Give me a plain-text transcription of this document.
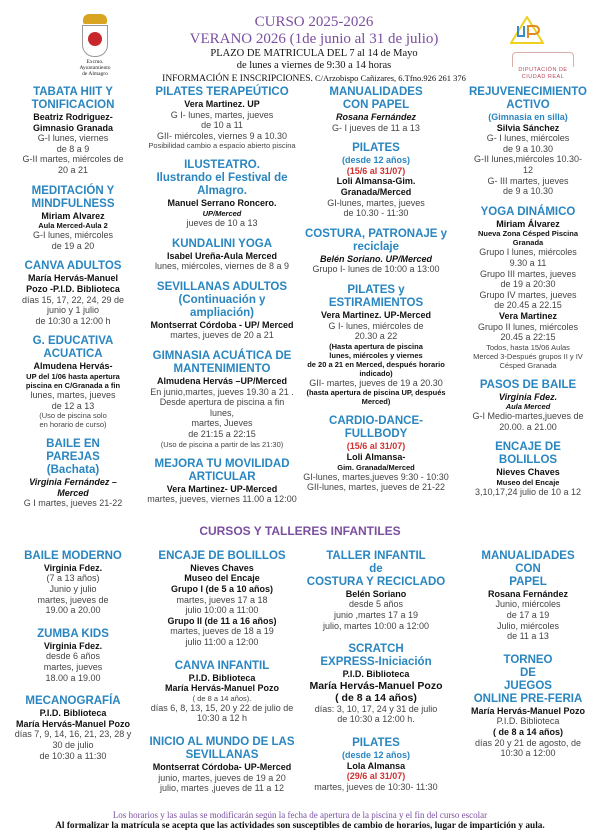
Excmo.
Ayuntamiento
de Almagro
CURSO 2025-2026
VERANO 2026 (1de junio al 31 de julio)
PLAZO DE MATRICULA DEL 7 al 14 de Mayo
de lunes a viernes de 9:30 a 14 horas
INFORMACIÓN E INSCRIPCIONES. C/Arzobispo Cañizares, 6.Tfno.926 261 376
DIPUTACIÓN DE
CIUDAD REAL
TABATA HIIT Y
TONIFICACION
Beatriz Rodriguez-
Gimnasio Granada
G-I lunes, viernes
de 8 a 9
G-II martes, miércoles de
20 a 21
MEDITACIÓN Y
MINDFULNESS
Miriam Alvarez
Aula Merced-Aula 2
G-I lunes, miércoles
de 19 a 20
CANVA ADULTOS
María Hervás-Manuel
Pozo -P.I.D. Biblioteca
días 15, 17, 22, 24, 29 de
junio y 1 julio
de 10:30 a 12:00 h
G. EDUCATIVA
ACUATICA
Almudena Hervás-
UP del 1/06 hasta apertura
piscina en C/Granada a fin
lunes, martes, jueves
de 12 a 13
(Uso de piscina solo
en horario de curso)
BAILE EN
PAREJAS
(Bachata)
Virginia Fernández –
Merced
G I martes, jueves 21-22
PILATES TERAPEÚTICO
Vera Martinez. UP
G I- lunes, martes, jueves
de 10 a 11
GII- miércoles, viernes 9 a 10.30
Posibilidad cambio a espacio abierto piscina
ILUSTEATRO.
Ilustrando el Festival de
Almagro.
Manuel Serrano Roncero.
UP/Merced
jueves de 10 a 13
KUNDALINI YOGA
Isabel Ureña-Aula Merced
lunes, miércoles, viernes de 8 a 9
SEVILLANAS ADULTOS
(Continuación y ampliación)
Montserrat Córdoba - UP/ Merced
martes, jueves de 20 a 21
GIMNASIA ACUÁTICA DE
MANTENIMIENTO
Almudena Hervás –UP/Merced
En junio,martes, jueves 19.30 a 21 .
Desde apertura de piscina a fin lunes,
martes, Jueves
de 21:15 a 22:15
(Uso de piscina a partir de las 21:30)
MEJORA TU MOVILIDAD
ARTICULAR
Vera Martinez- UP-Merced
martes, jueves, viernes 11.00 a 12:00
MANUALIDADES
CON PAPEL
Rosana Fernández
G- I jueves de 11 a 13
PILATES
(desde 12 años)
(15/6 al 31/07)
Loli Almansa-Gim. Granada/Merced
GI-lunes, martes, jueves
de 10.30 - 11:30
COSTURA, PATRONAJE y
reciclaje
Belén Soriano. UP/Merced
Grupo I- lunes de 10:00 a 13:00
PILATES y ESTIRAMIENTOS
Vera Martinez. UP-Merced
G I- lunes, miércoles de
20.30 a 22
(Hasta apertura de piscina
lunes, miércoles y viernes
de 20 a 21 en Merced, después horario
indicado)
GII- martes, jueves de 19 a 20.30
(hasta apertura de piscina UP, después
Merced)
CARDIO-DANCE-FULLBODY
(15/6 al 31/07)
Loli Almansa-
Gim. Granada/Merced
GI-lunes, martes,jueves 9:30 - 10:30
GII-lunes, martes, jueves de 21-22
REJUVENECIMIENTO
ACTIVO
(Gimnasia en silla)
Silvia Sánchez
G- I lunes, miércoles
de 9 a 10.30
G-II lunes,miércoles 10.30-
12
G- III martes, jueves
de 9 a 10.30
YOGA DINÁMICO
Miriam Álvarez
Nueva Zona Césped Piscina
Granada
Grupo I lunes, miércoles
9.30 a 11
Grupo III martes, jueves
de 19 a 20:30
Grupo IV martes, jueves
de 20.45 a 22.15
Vera Martinez
Grupo II lunes, miércoles
20.45 a 22:15
Todos, hasta 15/06 Aulas
Merced 3-Después grupos II y IV
Césped Granada
PASOS DE BAILE
Virginia Fdez.
Aula Merced
G-I Medio-martes,jueves de
20.00. a 21.00
ENCAJE DE
BOLILLOS
Nieves Chaves
Museo del Encaje
3,10,17,24 julio de 10 a 12
CURSOS Y TALLERES INFANTILES
BAILE MODERNO
Virginia Fdez.
(7 a 13 años)
Junio y julio
martes, jueves de
19.00 a 20.00
ZUMBA KIDS
Virginia Fdez.
desde 6 años
martes, jueves
18.00 a 19.00
MECANOGRAFÍA
P.I.D. Biblioteca
María Hervás-Manuel Pozo
días 7, 9, 14, 16, 21, 23, 28 y
30 de julio
de 10:30 a 11:30
ENCAJE DE BOLILLOS
Nieves Chaves
Museo del Encaje
Grupo I (de 5 a 10 años)
martes, jueves 17 a 18
julio 10:00 a 11:00
Grupo II (de 11 a 16 años)
martes, jueves de 18 a 19
julio 11:00 a 12:00
CANVA INFANTIL
P.I.D. Biblioteca
María Hervás-Manuel Pozo
( de 8 a 14 años).
días 6, 8, 13, 15, 20 y 22 de julio de
10:30 a 12 h
INICIO AL MUNDO DE LAS
SEVILLANAS
Montserrat Córdoba- UP-Merced
junio, martes, jueves de 19 a 20
julio, martes ,jueves de 11 a 12
TALLER INFANTIL
de
COSTURA Y RECICLADO
Belén Soriano
desde 5 años
junio ,martes 17 a 19
julio, martes 10:00 a 12:00
SCRATCH
EXPRESS-Iniciación
P.I.D. Biblioteca
María Hervás-Manuel Pozo
( de 8 a 14 años)
días: 3, 10, 17, 24 y 31 de julio
de 10:30 a 12:00 h.
PILATES
(desde 12 años)
Lola Almansa
(29/6 al 31/07)
martes, jueves de 10:30- 11:30
MANUALIDADES
CON
PAPEL
Rosana Fernández
Junio, miércoles
de 17 a 19
Julio, miércoles
de 11 a 13
TORNEO
DE
JUEGOS
ONLINE PRE-FERIA
María Hervás-Manuel Pozo
P.I.D. Biblioteca
( de 8 a 14 años)
días 20 y 21 de agosto, de
10:30 a 12:00
Los horarios y las aulas se modificarán según la fecha de apertura de la piscina y el fin del curso escolar
Al formalizar la matrícula se acepta que las actividades son susceptibles de cambio de horarios, lugar de impartición y aula.
